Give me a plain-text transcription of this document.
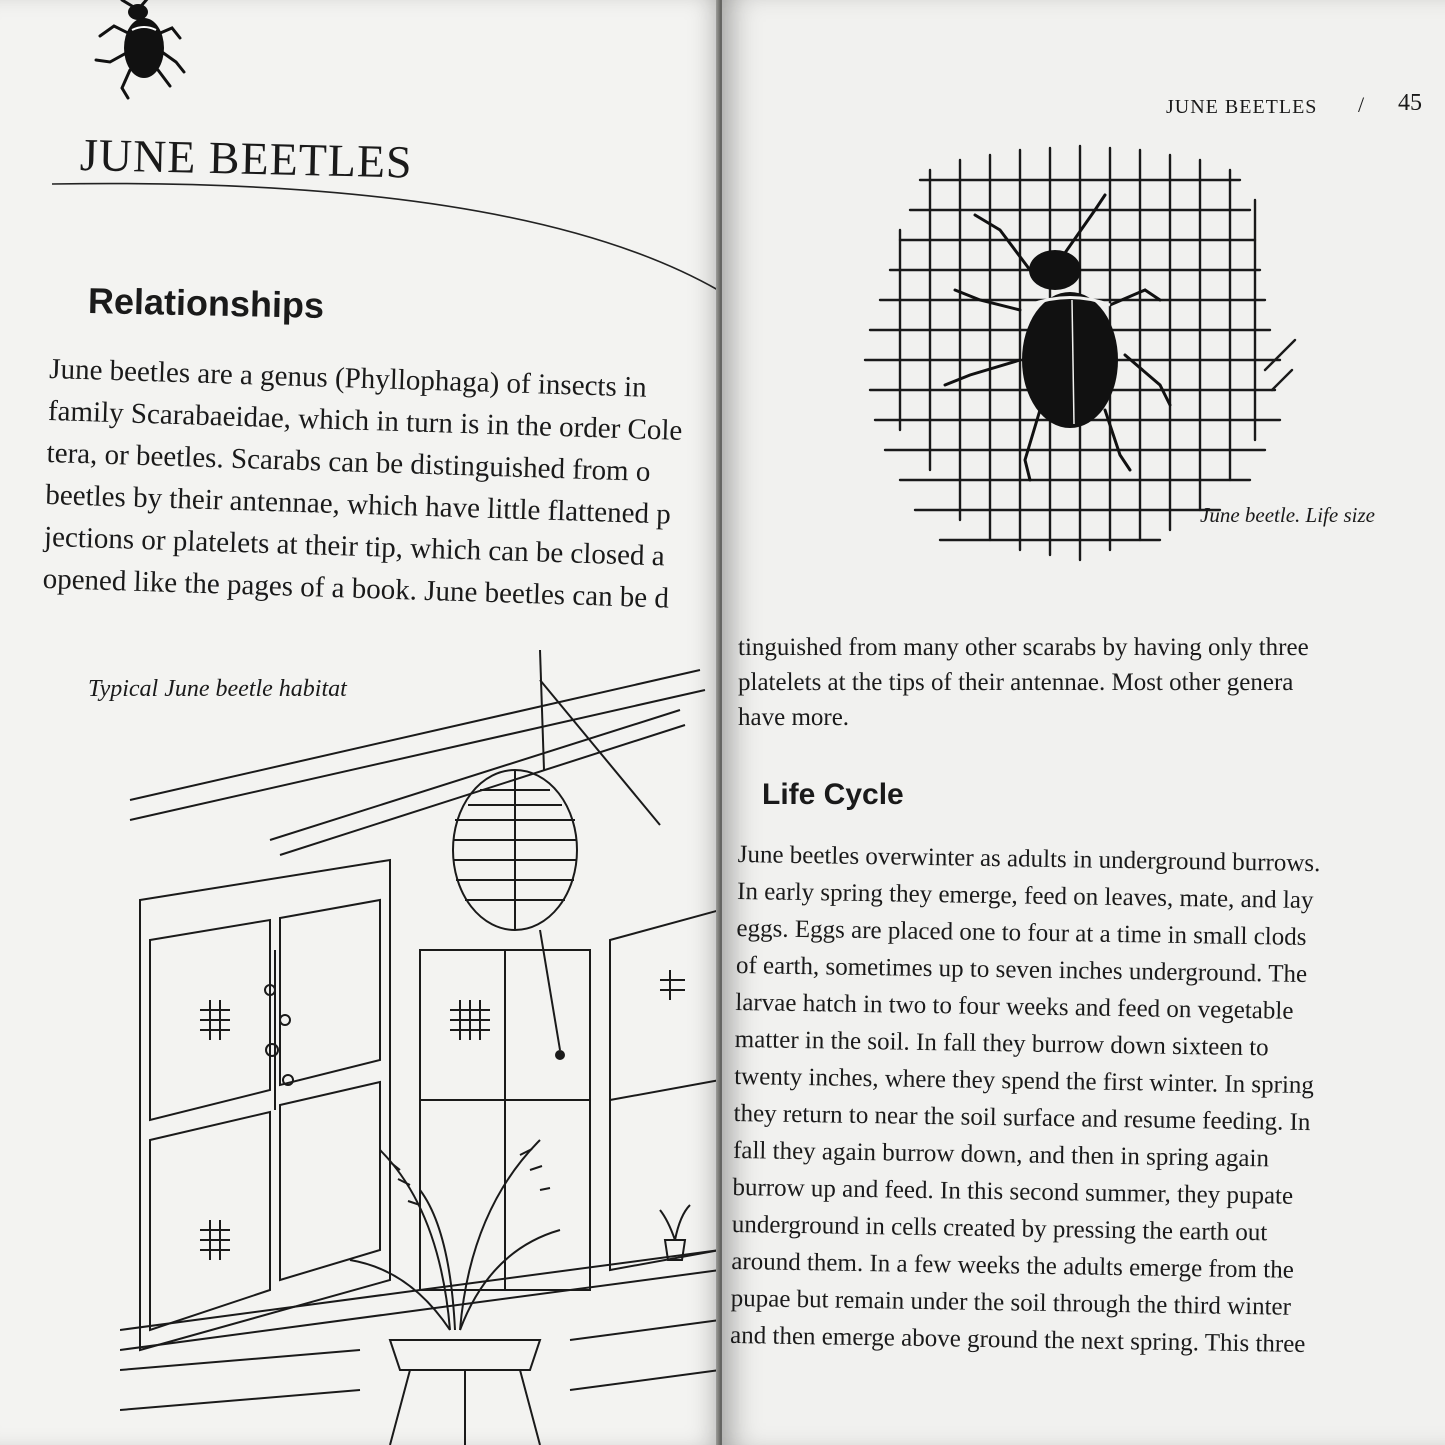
JUNE BEETLES
Relationships
June beetles are a genus (Phyllophaga) of insects in
family Scarabaeidae, which in turn is in the order Cole
tera, or beetles. Scarabs can be distinguished from o
beetles by their antennae, which have little flattened p
jections or platelets at their tip, which can be closed a
opened like the pages of a book. June beetles can be d
Typical June beetle habitat
JUNE BEETLES / 45
June beetle. Life size
tinguished from many other scarabs by having only three
platelets at the tips of their antennae. Most other genera
have more.
Life Cycle
June beetles overwinter as adults in underground burrows.
In early spring they emerge, feed on leaves, mate, and lay
eggs. Eggs are placed one to four at a time in small clods
of earth, sometimes up to seven inches underground. The
larvae hatch in two to four weeks and feed on vegetable
matter in the soil. In fall they burrow down sixteen to
twenty inches, where they spend the first winter. In spring
they return to near the soil surface and resume feeding. In
fall they again burrow down, and then in spring again
burrow up and feed. In this second summer, they pupate
underground in cells created by pressing the earth out
around them. In a few weeks the adults emerge from the
pupae but remain under the soil through the third winter
and then emerge above ground the next spring. This three
